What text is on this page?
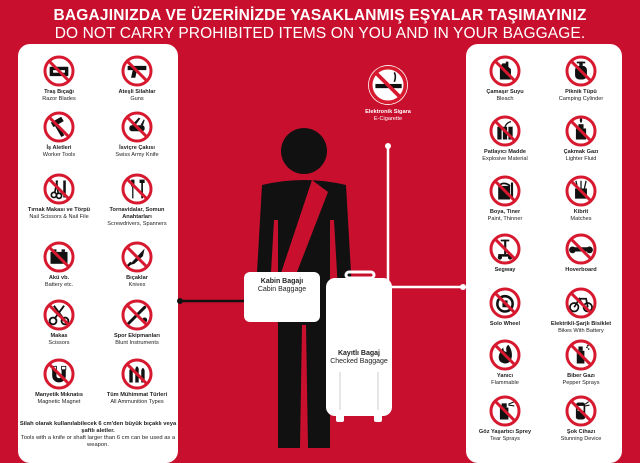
BAGAJINIZDA VE ÜZERİNİZDE YASAKLANMIŞ EŞYALAR TAŞIMAYINIZ
DO NOT CARRY PROHIBITED ITEMS ON YOU AND IN YOUR BAGGAGE.
Traş Bıçağı
Razor Blades
Ateşli Silahlar
Guns
İş Aletleri
Worker Tools
İsviçre Çakısı
Swiss Army Knife
Tırnak Makası ve Törpü
Nail Scissors & Nail File
Tornavidalar, Somun Anahtarları
Screwdrivers, Spanners
Akü vb.
Battery etc.
Bıçaklar
Knives
Makas
Scissors
Spor Ekipmanları
Blunt Instruments
Manyetik Mıknatıs
Magnetic Magnet
Tüm Mühimmat Türleri
All Ammunition Types
Silah olarak kullanılabilecek 6 cm'den büyük bıçaklı veya şaftlı aletler.
Tools with a knife or shaft larger than 6 cm can be used as a weapon.
Çamaşır Suyu
Bleach
Piknik Tüpü
Camping Cylinder
Patlayıcı Madde
Explosive Material
Çakmak Gazı
Lighter Fluid
Boya, Tiner
Paint, Thinner
Kibrit
Matches
Segway	Hoverboard
Solo Wheel	Elektrikli-Şarjlı Bisiklet
Bikes With Battery
Yanıcı
Flammable
Biber Gazı
Pepper Sprays
Göz Yaşartıcı Sprey
Tear Sprays
Şok Cihazı
Stunning Device
Kabin Bagajı
Cabin Baggage
Kayıtlı Bagaj
Checked Baggage
Elektronik Sigara
E-Cigarette
